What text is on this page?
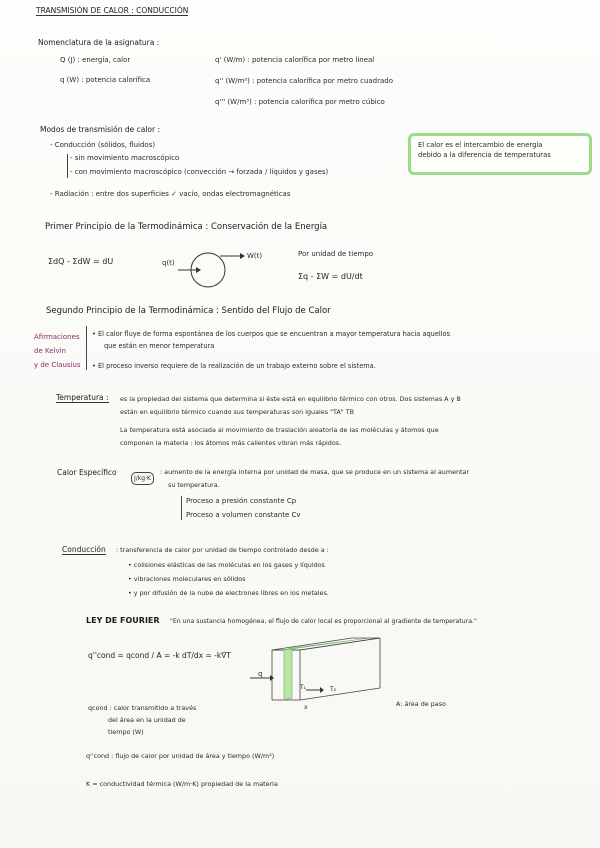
TRANSMISIÓN DE CALOR : CONDUCCIÓN
Nomenclatura de la asignatura :
Q (J) : energía, calor
q (W) : potencia calorífica
q' (W/m) : potencia calorífica por metro lineal
q'' (W/m²) : potencia calorífica por metro cuadrado
q''' (W/m³) : potencia calorífica por metro cúbico
Modos de transmisión de calor :
- Conducción (sólidos, fluidos)
- sin movimiento macroscópico
- con movimiento macroscópico (convección → forzada / líquidos y gases)
- Radiación : entre dos superficies ✓ vacío, ondas electromagnéticas
El calor es el intercambio de energía
debido a la diferencia de temperaturas
Primer Principio de la Termodinámica : Conservación de la Energía
ΣdQ - ΣdW = dU	q(t)
W(t)	Por unidad de tiempo
Σq - ΣW = dU/dt
Segundo Principio de la Termodinámica : Sentido del Flujo de Calor
Afirmaciones
de Kelvin
y de Clausius
• El calor fluye de forma espontánea de los cuerpos que se encuentran a mayor temperatura hacia aquellos
que están en menor temperatura
• El proceso inverso requiere de la realización de un trabajo externo sobre el sistema.
Temperatura : es la propiedad del sistema que determina si éste está en equilibrio térmico con otros. Dos sistemas A y B
están en equilibrio térmico cuando sus temperaturas son iguales "TA" TB
La temperatura está asociada al movimiento de traslación aleatoria de las moléculas y átomos que
componen la materia : los átomos más calientes vibran más rápidos.
Calor Específico
J/kg·K
: aumento de la energía interna por unidad de masa, que se produce en un sistema al aumentar
su temperatura.
Proceso a presión constante Cp
Proceso a volumen constante Cv
Conducción : transferencia de calor por unidad de tiempo controlado desde a :
• colisiones elásticas de las moléculas en los gases y líquidos
• vibraciones moleculares en sólidos
• y por difusión de la nube de electrones libres en los metales.
LEY DE FOURIER "En una sustancia homogénea, el flujo de calor local es proporcional al gradiente de temperatura."
q''cond = qcond / A = -k dT/dx = -k∇T
q
T₁	T₂
x	A: área de paso
qcond : calor transmitido a través
del área en la unidad de
tiempo (W)
q''cond : flujo de calor por unidad de área y tiempo (W/m²)
K = conductividad térmica (W/m·K) propiedad de la materia
